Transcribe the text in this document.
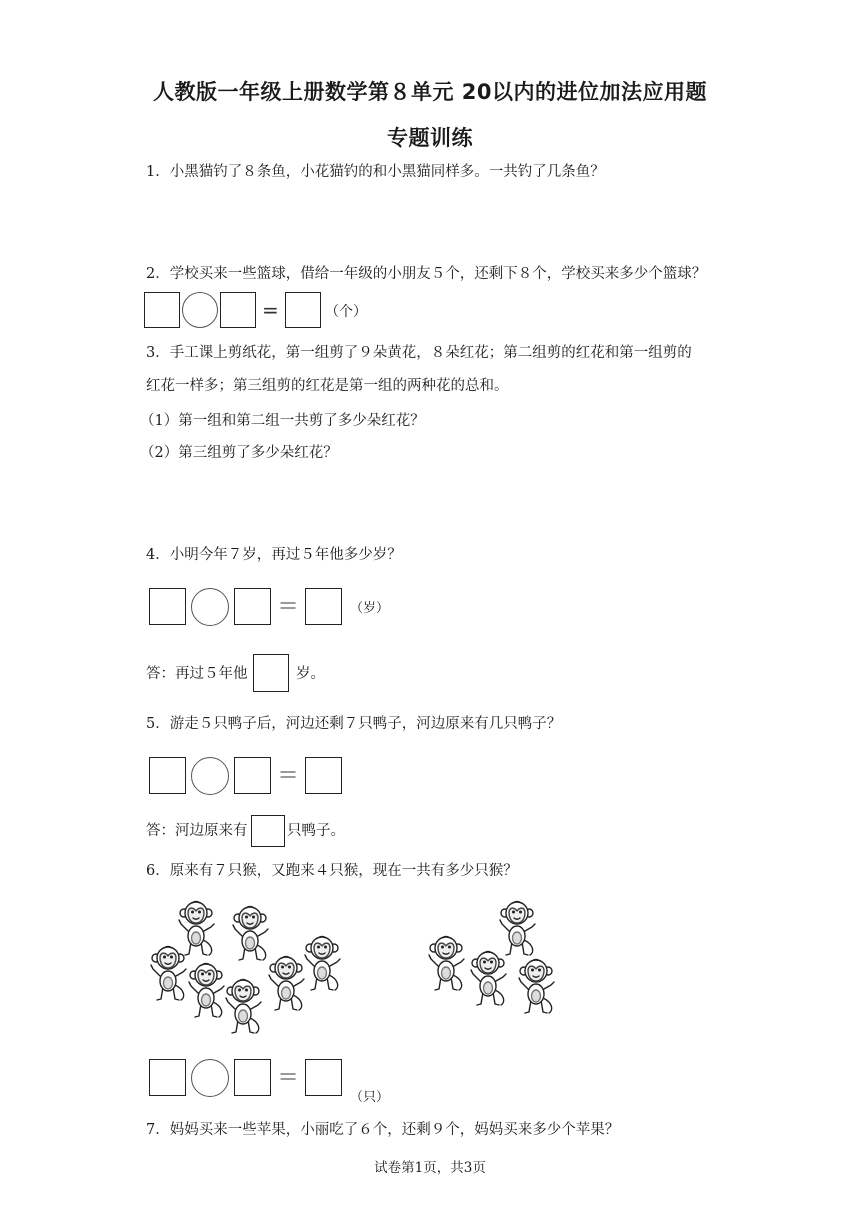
人教版一年级上册数学第８单元 20以内的进位加法应用题
专题训练
1．小黑猫钓了８条鱼，小花猫钓的和小黑猫同样多。一共钓了几条鱼？
2．学校买来一些篮球，借给一年级的小朋友５个，还剩下８个，学校买来多少个篮球？
=	（个）
3．手工课上剪纸花，第一组剪了９朵黄花，８朵红花；第二组剪的红花和第一组剪的
红花一样多；第三组剪的红花是第一组的两种花的总和。
（1）第一组和第二组一共剪了多少朵红花？
（2）第三组剪了多少朵红花？
4．小明今年７岁，再过５年他多少岁？
=	（岁）
答：再过５年他	岁。
5．游走５只鸭子后，河边还剩７只鸭子，河边原来有几只鸭子？
=
答：河边原来有	只鸭子。
6．原来有７只猴，又跑来４只猴，现在一共有多少只猴？
=
（只）
7．妈妈买来一些苹果，小丽吃了６个，还剩９个，妈妈买来多少个苹果？
试卷第1页，共3页
